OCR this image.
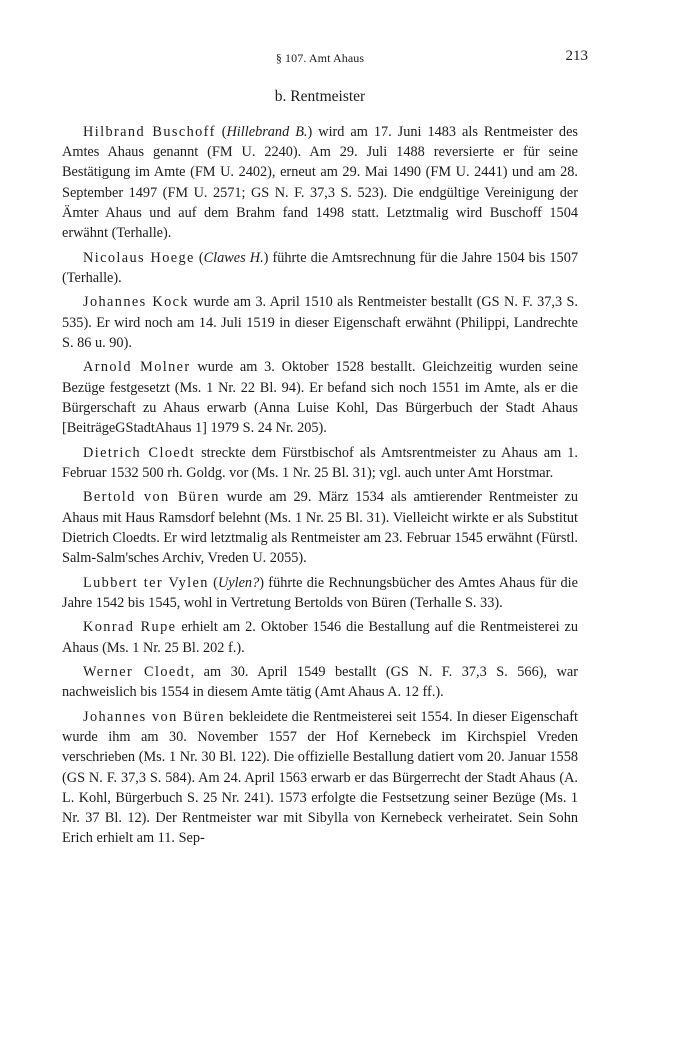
§ 107. Amt Ahaus	213
b. Rentmeister

Hilbrand Buschoff (Hillebrand B.) wird am 17. Juni 1483 als Rentmeister des Amtes Ahaus genannt (FM U. 2240). Am 29. Juli 1488 reversierte er für seine Bestätigung im Amte (FM U. 2402), erneut am 29. Mai 1490 (FM U. 2441) und am 28. September 1497 (FM U. 2571; GS N. F. 37,3 S. 523). Die endgültige Vereinigung der Ämter Ahaus und auf dem Brahm fand 1498 statt. Letztmalig wird Buschoff 1504 erwähnt (Terhalle).

Nicolaus Hoege (Clawes H.) führte die Amtsrechnung für die Jahre 1504 bis 1507 (Terhalle).

Johannes Kock wurde am 3. April 1510 als Rentmeister bestallt (GS N. F. 37,3 S. 535). Er wird noch am 14. Juli 1519 in dieser Eigenschaft erwähnt (Philippi, Landrechte S. 86 u. 90).

Arnold Molner wurde am 3. Oktober 1528 bestallt. Gleichzeitig wurden seine Bezüge festgesetzt (Ms. 1 Nr. 22 Bl. 94). Er befand sich noch 1551 im Amte, als er die Bürgerschaft zu Ahaus erwarb (Anna Luise Kohl, Das Bürgerbuch der Stadt Ahaus [BeiträgeGStadtAhaus 1] 1979 S. 24 Nr. 205).

Dietrich Cloedt streckte dem Fürstbischof als Amtsrentmeister zu Ahaus am 1. Februar 1532 500 rh. Goldg. vor (Ms. 1 Nr. 25 Bl. 31); vgl. auch unter Amt Horstmar.

Bertold von Büren wurde am 29. März 1534 als amtierender Rentmeister zu Ahaus mit Haus Ramsdorf belehnt (Ms. 1 Nr. 25 Bl. 31). Vielleicht wirkte er als Substitut Dietrich Cloedts. Er wird letztmalig als Rentmeister am 23. Februar 1545 erwähnt (Fürstl. Salm-Salm'sches Archiv, Vreden U. 2055).

Lubbert ter Vylen (Uylen?) führte die Rechnungsbücher des Amtes Ahaus für die Jahre 1542 bis 1545, wohl in Vertretung Bertolds von Büren (Terhalle S. 33).

Konrad Rupe erhielt am 2. Oktober 1546 die Bestallung auf die Rentmeisterei zu Ahaus (Ms. 1 Nr. 25 Bl. 202 f.).

Werner Cloedt, am 30. April 1549 bestallt (GS N. F. 37,3 S. 566), war nachweislich bis 1554 in diesem Amte tätig (Amt Ahaus A. 12 ff.).

Johannes von Büren bekleidete die Rentmeisterei seit 1554. In dieser Eigenschaft wurde ihm am 30. November 1557 der Hof Kernebeck im Kirchspiel Vreden verschrieben (Ms. 1 Nr. 30 Bl. 122). Die offizielle Bestallung datiert vom 20. Januar 1558 (GS N. F. 37,3 S. 584). Am 24. April 1563 erwarb er das Bürgerrecht der Stadt Ahaus (A. L. Kohl, Bürgerbuch S. 25 Nr. 241). 1573 erfolgte die Festsetzung seiner Bezüge (Ms. 1 Nr. 37 Bl. 12). Der Rentmeister war mit Sibylla von Kernebeck verheiratet. Sein Sohn Erich erhielt am 11. Sep-
